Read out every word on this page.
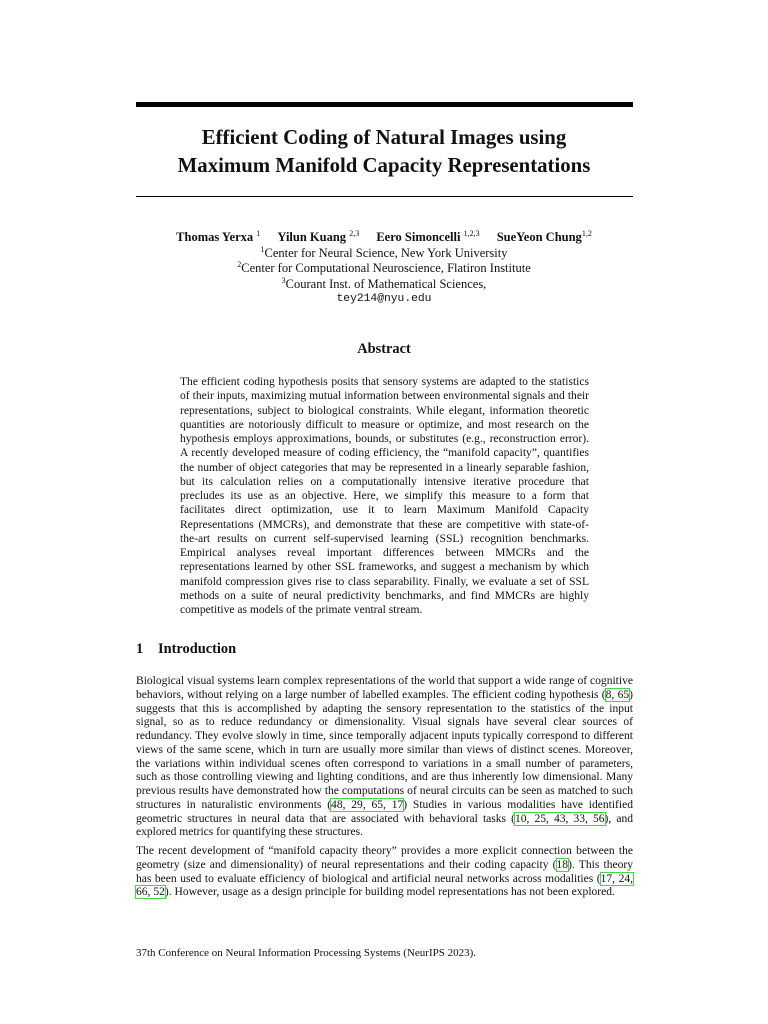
Efficient Coding of Natural Images using
Maximum Manifold Capacity Representations
Thomas Yerxa $^1$ Yilun Kuang $^{2,3}$ Eero Simoncelli $^{1,2,3}$ SueYeon Chung$^{1,2}$
$^1$Center for Neural Science, New York University
$^2$Center for Computational Neuroscience, Flatiron Institute
$^3$Courant Inst. of Mathematical Sciences,
tey214@nyu.edu
Abstract
The efficient coding hypothesis posits that sensory systems are adapted to the statistics of their inputs, maximizing mutual information between environmental signals and their representations, subject to biological constraints. While elegant, information theoretic quantities are notoriously difficult to measure or optimize, and most research on the hypothesis employs approximations, bounds, or substitutes (e.g., reconstruction error). A recently developed measure of coding efficiency, the “manifold capacity”, quantifies the number of object categories that may be represented in a linearly separable fashion, but its calculation relies on a computationally intensive iterative procedure that precludes its use as an objective. Here, we simplify this measure to a form that facilitates direct optimization, use it to learn Maximum Manifold Capacity Representations (MMCRs), and demonstrate that these are competitive with state-of-the-art results on current self-supervised learning (SSL) recognition benchmarks. Empirical analyses reveal important differences between MMCRs and the representations learned by other SSL frameworks, and suggest a mechanism by which manifold compression gives rise to class separability. Finally, we evaluate a set of SSL methods on a suite of neural predictivity benchmarks, and find MMCRs are highly competitive as models of the primate ventral stream.
1 Introduction

Biological visual systems learn complex representations of the world that support a wide range of cognitive behaviors, without relying on a large number of labelled examples. The efficient coding hypothesis (8, 65) suggests that this is accomplished by adapting the sensory representation to the statistics of the input signal, so as to reduce redundancy or dimensionality. Visual signals have several clear sources of redundancy. They evolve slowly in time, since temporally adjacent inputs typically correspond to different views of the same scene, which in turn are usually more similar than views of distinct scenes. Moreover, the variations within individual scenes often correspond to variations in a small number of parameters, such as those controlling viewing and lighting conditions, and are thus inherently low dimensional. Many previous results have demonstrated how the computations of neural circuits can be seen as matched to such structures in naturalistic environments (48, 29, 65, 17) Studies in various modalities have identified geometric structures in neural data that are associated with behavioral tasks (10, 25, 43, 33, 56), and explored metrics for quantifying these structures.

The recent development of “manifold capacity theory” provides a more explicit connection between the geometry (size and dimensionality) of neural representations and their coding capacity (18). This theory has been used to evaluate efficiency of biological and artificial neural networks across modalities (17, 24, 66, 52). However, usage as a design principle for building model representations has not been explored.

37th Conference on Neural Information Processing Systems (NeurIPS 2023).
